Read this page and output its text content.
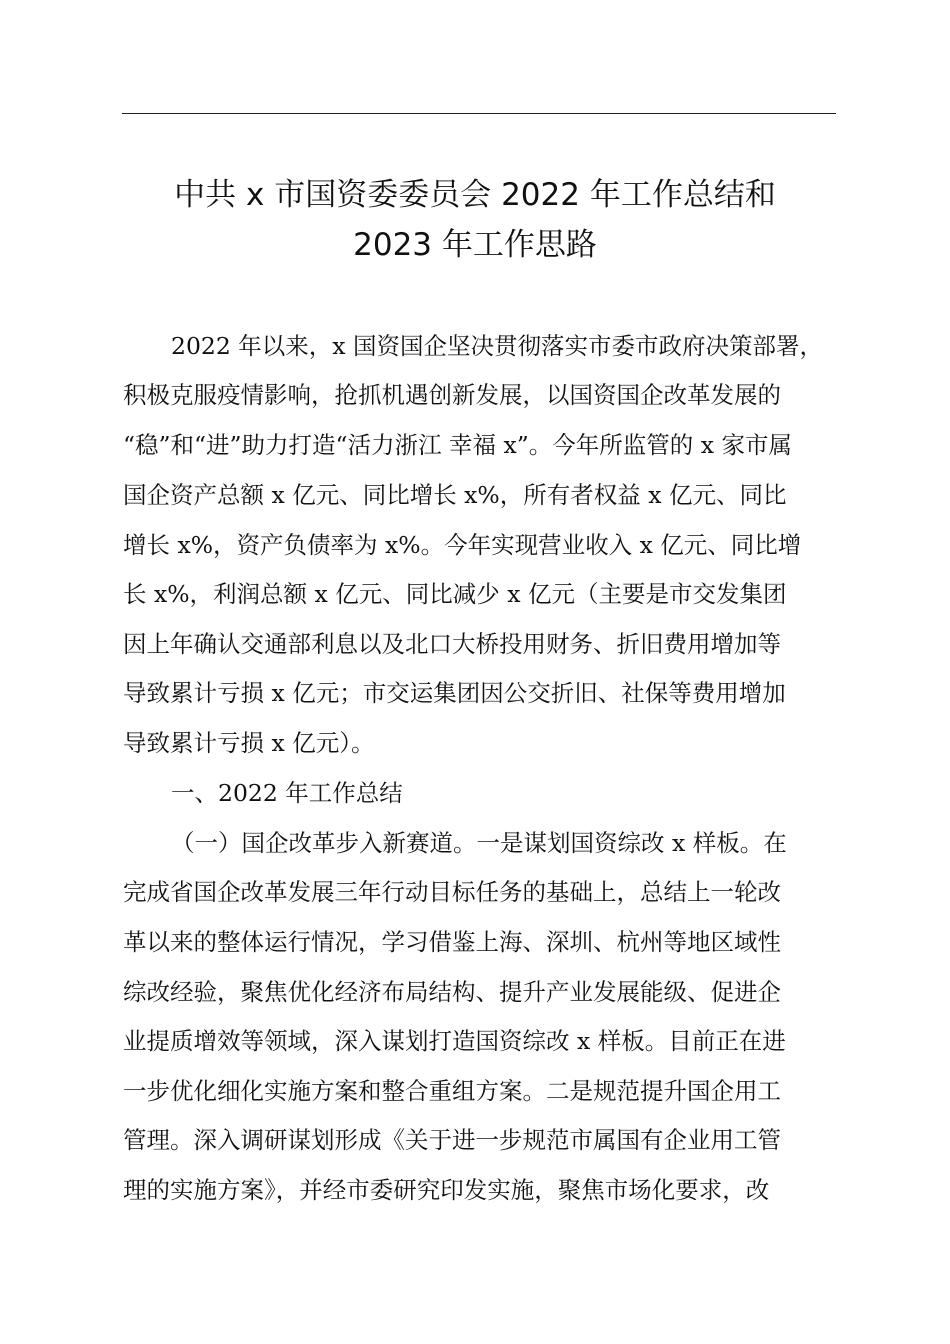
中共 x 市国资委委员会 2022 年工作总结和
2023 年工作思路
2022 年以来，x 国资国企坚决贯彻落实市委市政府决策部署，
积极克服疫情影响，抢抓机遇创新发展，以国资国企改革发展的
“稳”和“进”助力打造“活力浙江 幸福 x”。今年所监管的 x 家市属
国企资产总额 x 亿元、同比增长 x%，所有者权益 x 亿元、同比
增长 x%，资产负债率为 x%。今年实现营业收入 x 亿元、同比增
长 x%，利润总额 x 亿元、同比减少 x 亿元（主要是市交发集团
因上年确认交通部利息以及北口大桥投用财务、折旧费用增加等
导致累计亏损 x 亿元；市交运集团因公交折旧、社保等费用增加
导致累计亏损 x 亿元）。
一、2022 年工作总结
（一）国企改革步入新赛道。一是谋划国资综改 x 样板。在
完成省国企改革发展三年行动目标任务的基础上，总结上一轮改
革以来的整体运行情况，学习借鉴上海、深圳、杭州等地区域性
综改经验，聚焦优化经济布局结构、提升产业发展能级、促进企
业提质增效等领域，深入谋划打造国资综改 x 样板。目前正在进
一步优化细化实施方案和整合重组方案。二是规范提升国企用工
管理。深入调研谋划形成《关于进一步规范市属国有企业用工管
理的实施方案》，并经市委研究印发实施，聚焦市场化要求，改
